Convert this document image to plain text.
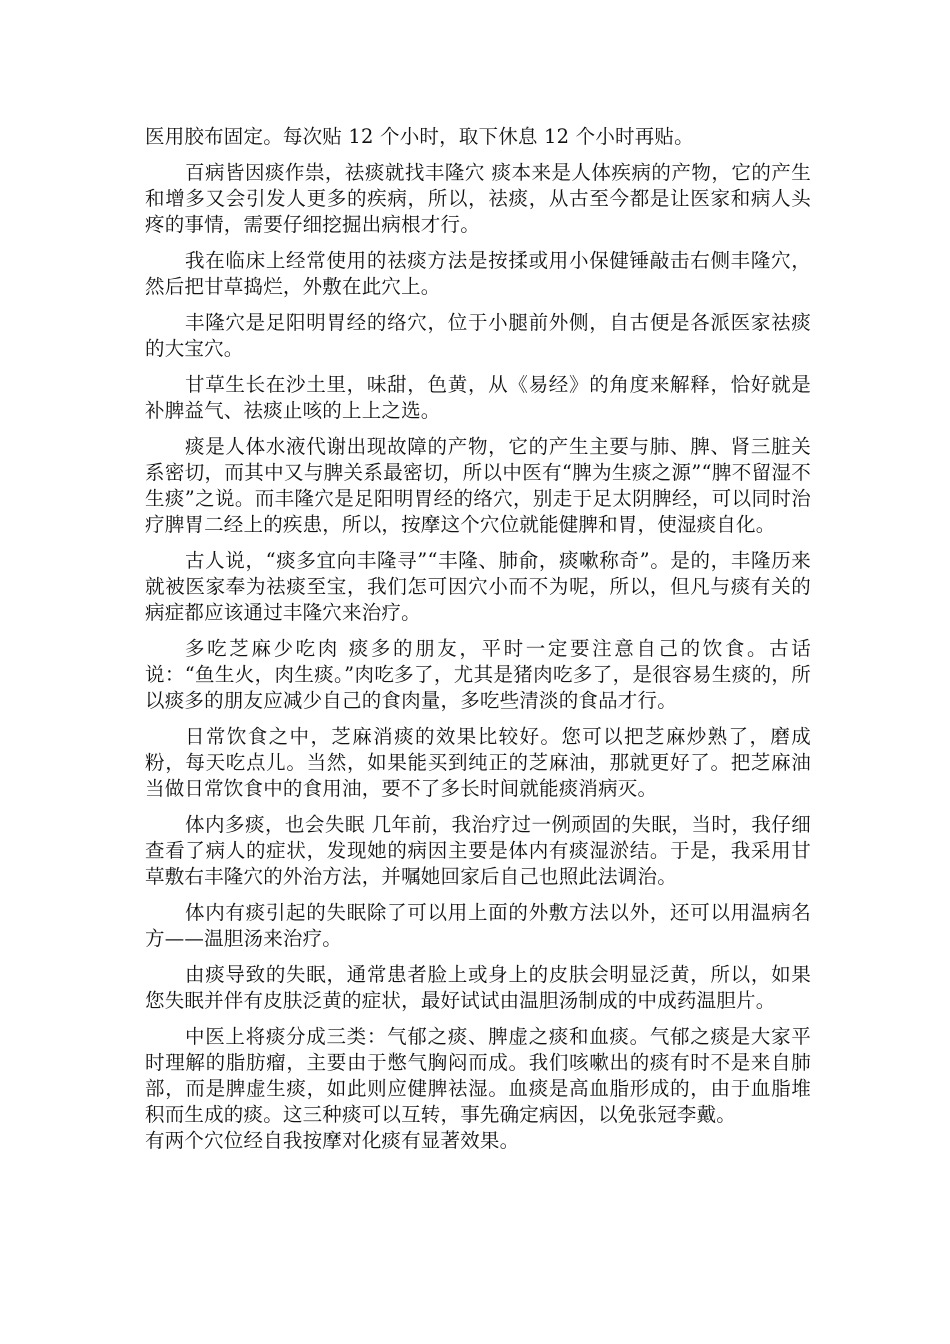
医用胶布固定。每次贴 12 个小时，取下休息 12 个小时再贴。

百病皆因痰作祟，祛痰就找丰隆穴 痰本来是人体疾病的产物，它的产生和增多又会引发人更多的疾病，所以，祛痰，从古至今都是让医家和病人头疼的事情，需要仔细挖掘出病根才行。

我在临床上经常使用的祛痰方法是按揉或用小保健锤敲击右侧丰隆穴，然后把甘草捣烂，外敷在此穴上。

丰隆穴是足阳明胃经的络穴，位于小腿前外侧，自古便是各派医家祛痰的大宝穴。

甘草生长在沙土里，味甜，色黄，从《易经》的角度来解释，恰好就是补脾益气、祛痰止咳的上上之选。

痰是人体水液代谢出现故障的产物，它的产生主要与肺、脾、肾三脏关系密切，而其中又与脾关系最密切，所以中医有“脾为生痰之源”“脾不留湿不生痰”之说。而丰隆穴是足阳明胃经的络穴，别走于足太阴脾经，可以同时治疗脾胃二经上的疾患，所以，按摩这个穴位就能健脾和胃，使湿痰自化。

古人说，“痰多宜向丰隆寻”“丰隆、肺俞，痰嗽称奇”。是的，丰隆历来就被医家奉为祛痰至宝，我们怎可因穴小而不为呢，所以，但凡与痰有关的病症都应该通过丰隆穴来治疗。

多吃芝麻少吃肉 痰多的朋友，平时一定要注意自己的饮食。古话说：“鱼生火，肉生痰。”肉吃多了，尤其是猪肉吃多了，是很容易生痰的，所以痰多的朋友应减少自己的食肉量，多吃些清淡的食品才行。

日常饮食之中，芝麻消痰的效果比较好。您可以把芝麻炒熟了，磨成粉，每天吃点儿。当然，如果能买到纯正的芝麻油，那就更好了。把芝麻油当做日常饮食中的食用油，要不了多长时间就能痰消病灭。

体内多痰，也会失眠 几年前，我治疗过一例顽固的失眠，当时，我仔细查看了病人的症状，发现她的病因主要是体内有痰湿淤结。于是，我采用甘草敷右丰隆穴的外治方法，并嘱她回家后自己也照此法调治。

体内有痰引起的失眠除了可以用上面的外敷方法以外，还可以用温病名方——温胆汤来治疗。

由痰导致的失眠，通常患者脸上或身上的皮肤会明显泛黄，所以，如果您失眠并伴有皮肤泛黄的症状，最好试试由温胆汤制成的中成药温胆片。

中医上将痰分成三类：气郁之痰、脾虚之痰和血痰。气郁之痰是大家平时理解的脂肪瘤，主要由于憋气胸闷而成。我们咳嗽出的痰有时不是来自肺部，而是脾虚生痰，如此则应健脾祛湿。血痰是高血脂形成的，由于血脂堆积而生成的痰。这三种痰可以互转，事先确定病因，以免张冠李戴。

有两个穴位经自我按摩对化痰有显著效果。
